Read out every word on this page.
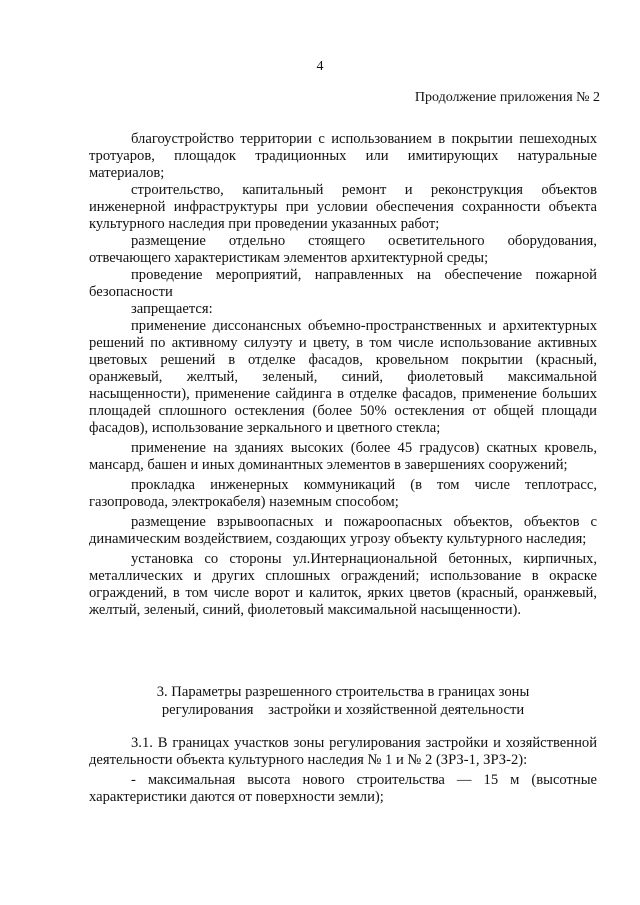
4
Продолжение приложения № 2

благоустройство территории с использованием в покрытии пешеходных тротуаров, площадок традиционных или имитирующих натуральные материалов;

строительство, капитальный ремонт и реконструкция объектов инженерной инфраструктуры при условии обеспечения сохранности объекта культурного наследия при проведении указанных работ;

размещение отдельно стоящего осветительного оборудования, отвечающего характеристикам элементов архитектурной среды;

проведение мероприятий, направленных на обеспечение пожарной безопасности

запрещается:

применение диссонансных объемно-пространственных и архитектурных решений по активному силуэту и цвету, в том числе использование активных цветовых решений в отделке фасадов, кровельном покрытии (красный, оранжевый, желтый, зеленый, синий, фиолетовый максимальной насыщенности), применение сайдинга в отделке фасадов, применение больших площадей сплошного остекления (более 50% остекления от общей площади фасадов), использование зеркального и цветного стекла;

применение на зданиях высоких (более 45 градусов) скатных кровель, мансард, башен и иных доминантных элементов в завершениях сооружений;

прокладка инженерных коммуникаций (в том числе теплотрасс, газопровода, электрокабеля) наземным способом;

размещение взрывоопасных и пожароопасных объектов, объектов с динамическим воздействием, создающих угрозу объекту культурного наследия;

установка со стороны ул.Интернациональной бетонных, кирпичных, металлических и других сплошных ограждений; использование в окраске ограждений, в том числе ворот и калиток, ярких цветов (красный, оранжевый, желтый, зеленый, синий, фиолетовый максимальной насыщенности).

3. Параметры разрешенного строительства в границах зоны
регулирования    застройки и хозяйственной деятельности

3.1. В границах участков зоны регулирования застройки и хозяйственной деятельности объекта культурного наследия № 1 и № 2 (ЗРЗ-1, ЗРЗ-2):

- максимальная высота нового строительства — 15 м (высотные характеристики даются от поверхности земли);
